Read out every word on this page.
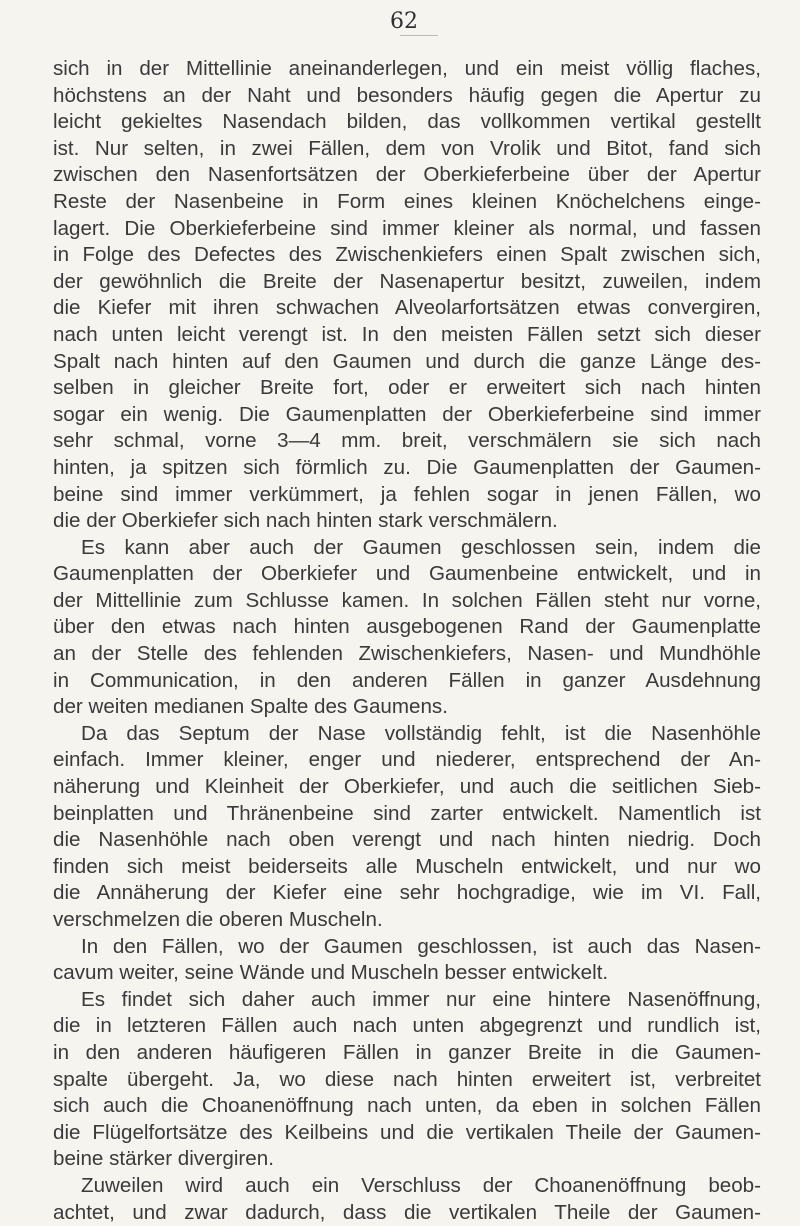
62
sich in der Mittellinie aneinanderlegen, und ein meist völlig flaches,
höchstens an der Naht und besonders häufig gegen die Apertur zu
leicht gekieltes Nasendach bilden, das vollkommen vertikal gestellt
ist. Nur selten, in zwei Fällen, dem von Vrolik und Bitot, fand sich
zwischen den Nasenfortsätzen der Oberkieferbeine über der Apertur
Reste der Nasenbeine in Form eines kleinen Knöchelchens einge-
lagert. Die Oberkieferbeine sind immer kleiner als normal, und fassen
in Folge des Defectes des Zwischenkiefers einen Spalt zwischen sich,
der gewöhnlich die Breite der Nasenapertur besitzt, zuweilen, indem
die Kiefer mit ihren schwachen Alveolarfortsätzen etwas convergiren,
nach unten leicht verengt ist. In den meisten Fällen setzt sich dieser
Spalt nach hinten auf den Gaumen und durch die ganze Länge des-
selben in gleicher Breite fort, oder er erweitert sich nach hinten
sogar ein wenig. Die Gaumenplatten der Oberkieferbeine sind immer
sehr schmal, vorne 3—4 mm. breit, verschmälern sie sich nach
hinten, ja spitzen sich förmlich zu. Die Gaumenplatten der Gaumen-
beine sind immer verkümmert, ja fehlen sogar in jenen Fällen, wo
die der Oberkiefer sich nach hinten stark verschmälern.
Es kann aber auch der Gaumen geschlossen sein, indem die
Gaumenplatten der Oberkiefer und Gaumenbeine entwickelt, und in
der Mittellinie zum Schlusse kamen. In solchen Fällen steht nur vorne,
über den etwas nach hinten ausgebogenen Rand der Gaumenplatte
an der Stelle des fehlenden Zwischenkiefers, Nasen- und Mundhöhle
in Communication, in den anderen Fällen in ganzer Ausdehnung
der weiten medianen Spalte des Gaumens.
Da das Septum der Nase vollständig fehlt, ist die Nasenhöhle
einfach. Immer kleiner, enger und niederer, entsprechend der An-
näherung und Kleinheit der Oberkiefer, und auch die seitlichen Sieb-
beinplatten und Thränenbeine sind zarter entwickelt. Namentlich ist
die Nasenhöhle nach oben verengt und nach hinten niedrig. Doch
finden sich meist beiderseits alle Muscheln entwickelt, und nur wo
die Annäherung der Kiefer eine sehr hochgradige, wie im VI. Fall,
verschmelzen die oberen Muscheln.
In den Fällen, wo der Gaumen geschlossen, ist auch das Nasen-
cavum weiter, seine Wände und Muscheln besser entwickelt.
Es findet sich daher auch immer nur eine hintere Nasenöffnung,
die in letzteren Fällen auch nach unten abgegrenzt und rundlich ist,
in den anderen häufigeren Fällen in ganzer Breite in die Gaumen-
spalte übergeht. Ja, wo diese nach hinten erweitert ist, verbreitet
sich auch die Choanenöffnung nach unten, da eben in solchen Fällen
die Flügelfortsätze des Keilbeins und die vertikalen Theile der Gaumen-
beine stärker divergiren.
Zuweilen wird auch ein Verschluss der Choanenöffnung beob-
achtet, und zwar dadurch, dass die vertikalen Theile der Gaumen-
